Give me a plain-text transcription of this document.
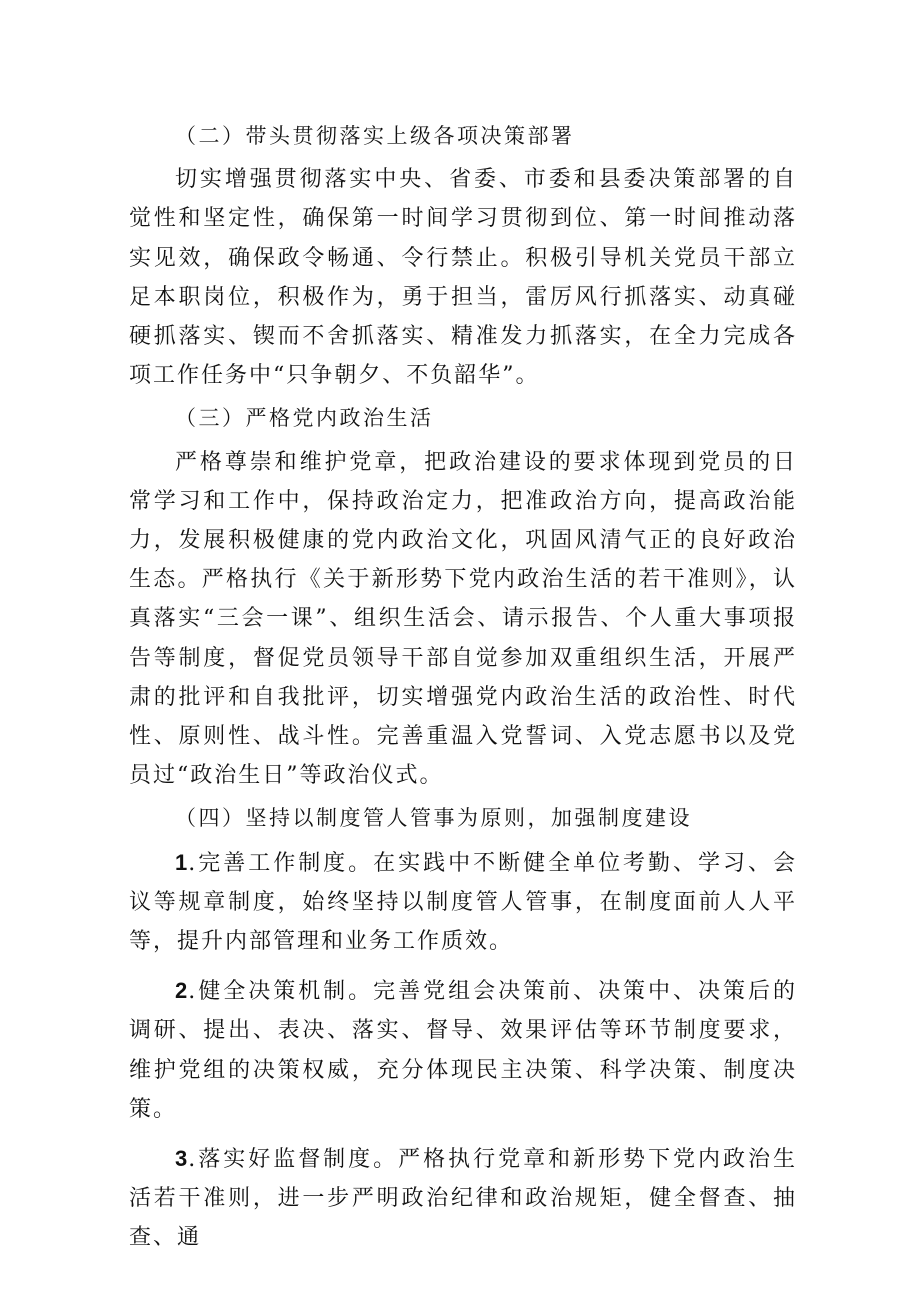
（二）带头贯彻落实上级各项决策部署

切实增强贯彻落实中央、省委、市委和县委决策部署的自觉性和坚定性，确保第一时间学习贯彻到位、第一时间推动落实见效，确保政令畅通、令行禁止。积极引导机关党员干部立足本职岗位，积极作为，勇于担当，雷厉风行抓落实、动真碰硬抓落实、锲而不舍抓落实、精准发力抓落实，在全力完成各项工作任务中“只争朝夕、不负韶华”。

（三）严格党内政治生活

严格尊崇和维护党章，把政治建设的要求体现到党员的日常学习和工作中，保持政治定力，把准政治方向，提高政治能力，发展积极健康的党内政治文化，巩固风清气正的良好政治生态。严格执行《关于新形势下党内政治生活的若干准则》，认真落实“三会一课”、组织生活会、请示报告、个人重大事项报告等制度，督促党员领导干部自觉参加双重组织生活，开展严肃的批评和自我批评，切实增强党内政治生活的政治性、时代性、原则性、战斗性。完善重温入党誓词、入党志愿书以及党员过“政治生日”等政治仪式。

（四）坚持以制度管人管事为原则，加强制度建设

1.完善工作制度。在实践中不断健全单位考勤、学习、会议等规章制度，始终坚持以制度管人管事，在制度面前人人平等，提升内部管理和业务工作质效。

2.健全决策机制。完善党组会决策前、决策中、决策后的调研、提出、表决、落实、督导、效果评估等环节制度要求，维护党组的决策权威，充分体现民主决策、科学决策、制度决策。

3.落实好监督制度。严格执行党章和新形势下党内政治生活若干准则，进一步严明政治纪律和政治规矩，健全督查、抽查、通
